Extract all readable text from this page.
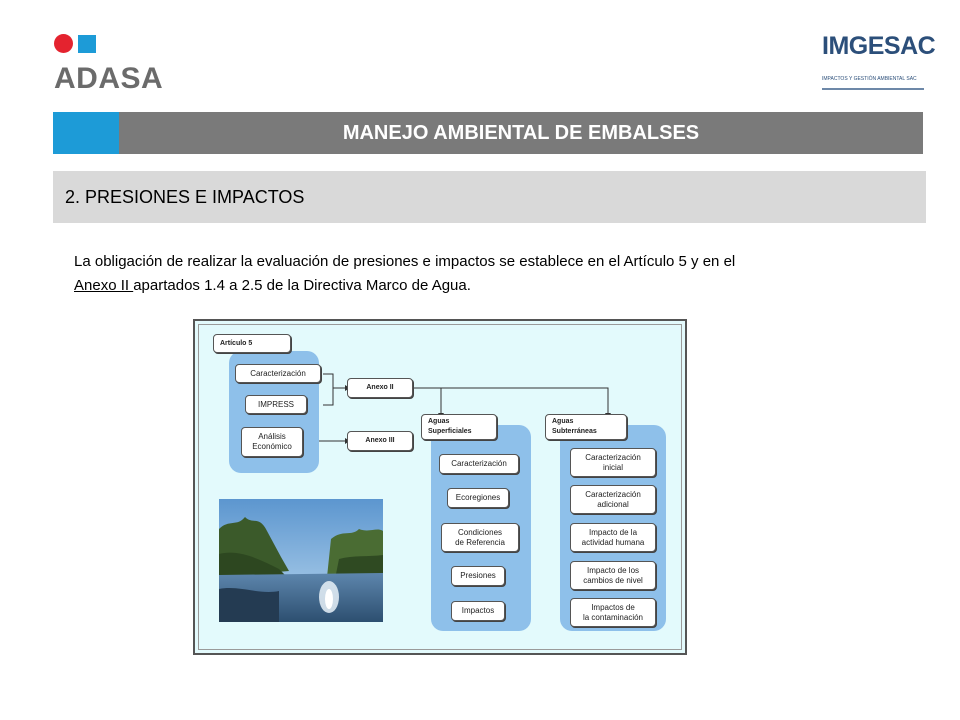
ADASA
IMGESAC
IMPACTOS Y GESTIÓN AMBIENTAL SAC
MANEJO AMBIENTAL DE EMBALSES
2. PRESIONES E IMPACTOS
La obligación de realizar la evaluación de presiones e impactos se establece en el Artículo 5 y en el
Anexo II apartados 1.4 a 2.5 de la Directiva Marco de Agua.
Artículo 5
Caracterización
IMPRESS
Análisis
Económico
Anexo II
Anexo III
Aguas
Superficiales
Caracterización
Ecoregiones
Condiciones
de Referencia
Presiones
Impactos
Aguas
Subterráneas
Caracterización
inicial
Caracterización
adicional
Impacto de la
actividad humana
Impacto de los
cambios de nivel
Impactos de
la contaminación
